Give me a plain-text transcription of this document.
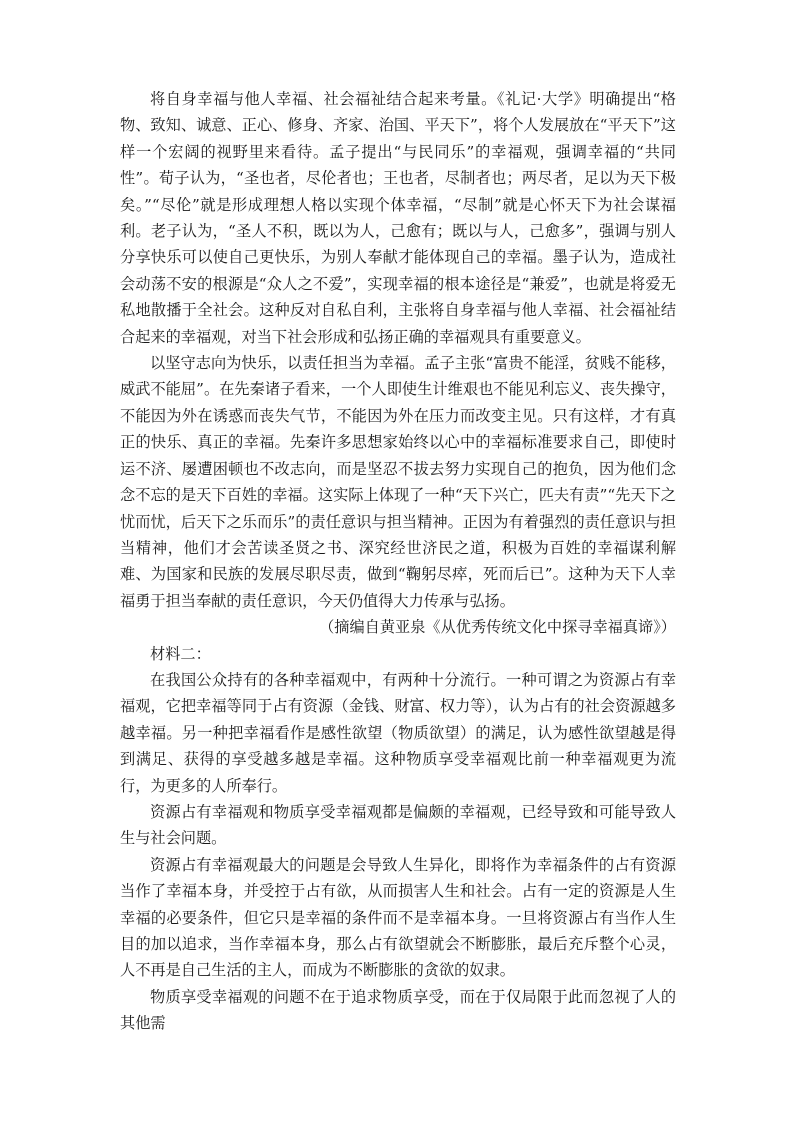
将自身幸福与他人幸福、社会福祉结合起来考量。《礼记·大学》明确提出“格物、致知、诚意、正心、修身、齐家、治国、平天下”，将个人发展放在“平天下”这样一个宏阔的视野里来看待。孟子提出“与民同乐”的幸福观，强调幸福的“共同性”。荀子认为，“圣也者，尽伦者也；王也者，尽制者也；两尽者，足以为天下极矣。”“尽伦”就是形成理想人格以实现个体幸福，“尽制”就是心怀天下为社会谋福利。老子认为，“圣人不积，既以为人，己愈有；既以与人，己愈多”，强调与别人分享快乐可以使自己更快乐，为别人奉献才能体现自己的幸福。墨子认为，造成社会动荡不安的根源是“众人之不爱”，实现幸福的根本途径是“兼爱”，也就是将爱无私地散播于全社会。这种反对自私自利，主张将自身幸福与他人幸福、社会福祉结合起来的幸福观，对当下社会形成和弘扬正确的幸福观具有重要意义。

以坚守志向为快乐，以责任担当为幸福。孟子主张“富贵不能淫，贫贱不能移，威武不能屈”。在先秦诸子看来，一个人即使生计维艰也不能见利忘义、丧失操守，不能因为外在诱惑而丧失气节，不能因为外在压力而改变主见。只有这样，才有真正的快乐、真正的幸福。先秦许多思想家始终以心中的幸福标准要求自己，即使时运不济、屡遭困顿也不改志向，而是坚忍不拔去努力实现自己的抱负，因为他们念念不忘的是天下百姓的幸福。这实际上体现了一种“天下兴亡，匹夫有责”“先天下之忧而忧，后天下之乐而乐”的责任意识与担当精神。正因为有着强烈的责任意识与担当精神，他们才会苦读圣贤之书、深究经世济民之道，积极为百姓的幸福谋利解难、为国家和民族的发展尽职尽责，做到“鞠躬尽瘁，死而后已”。这种为天下人幸福勇于担当奉献的责任意识，今天仍值得大力传承与弘扬。

（摘编自黄亚泉《从优秀传统文化中探寻幸福真谛》）

材料二：

在我国公众持有的各种幸福观中，有两种十分流行。一种可谓之为资源占有幸福观，它把幸福等同于占有资源（金钱、财富、权力等），认为占有的社会资源越多越幸福。另一种把幸福看作是感性欲望（物质欲望）的满足，认为感性欲望越是得到满足、获得的享受越多越是幸福。这种物质享受幸福观比前一种幸福观更为流行，为更多的人所奉行。

资源占有幸福观和物质享受幸福观都是偏颇的幸福观，已经导致和可能导致人生与社会问题。

资源占有幸福观最大的问题是会导致人生异化，即将作为幸福条件的占有资源当作了幸福本身，并受控于占有欲，从而损害人生和社会。占有一定的资源是人生幸福的必要条件，但它只是幸福的条件而不是幸福本身。一旦将资源占有当作人生目的加以追求，当作幸福本身，那么占有欲望就会不断膨胀，最后充斥整个心灵，人不再是自己生活的主人，而成为不断膨胀的贪欲的奴隶。

物质享受幸福观的问题不在于追求物质享受，而在于仅局限于此而忽视了人的其他需
